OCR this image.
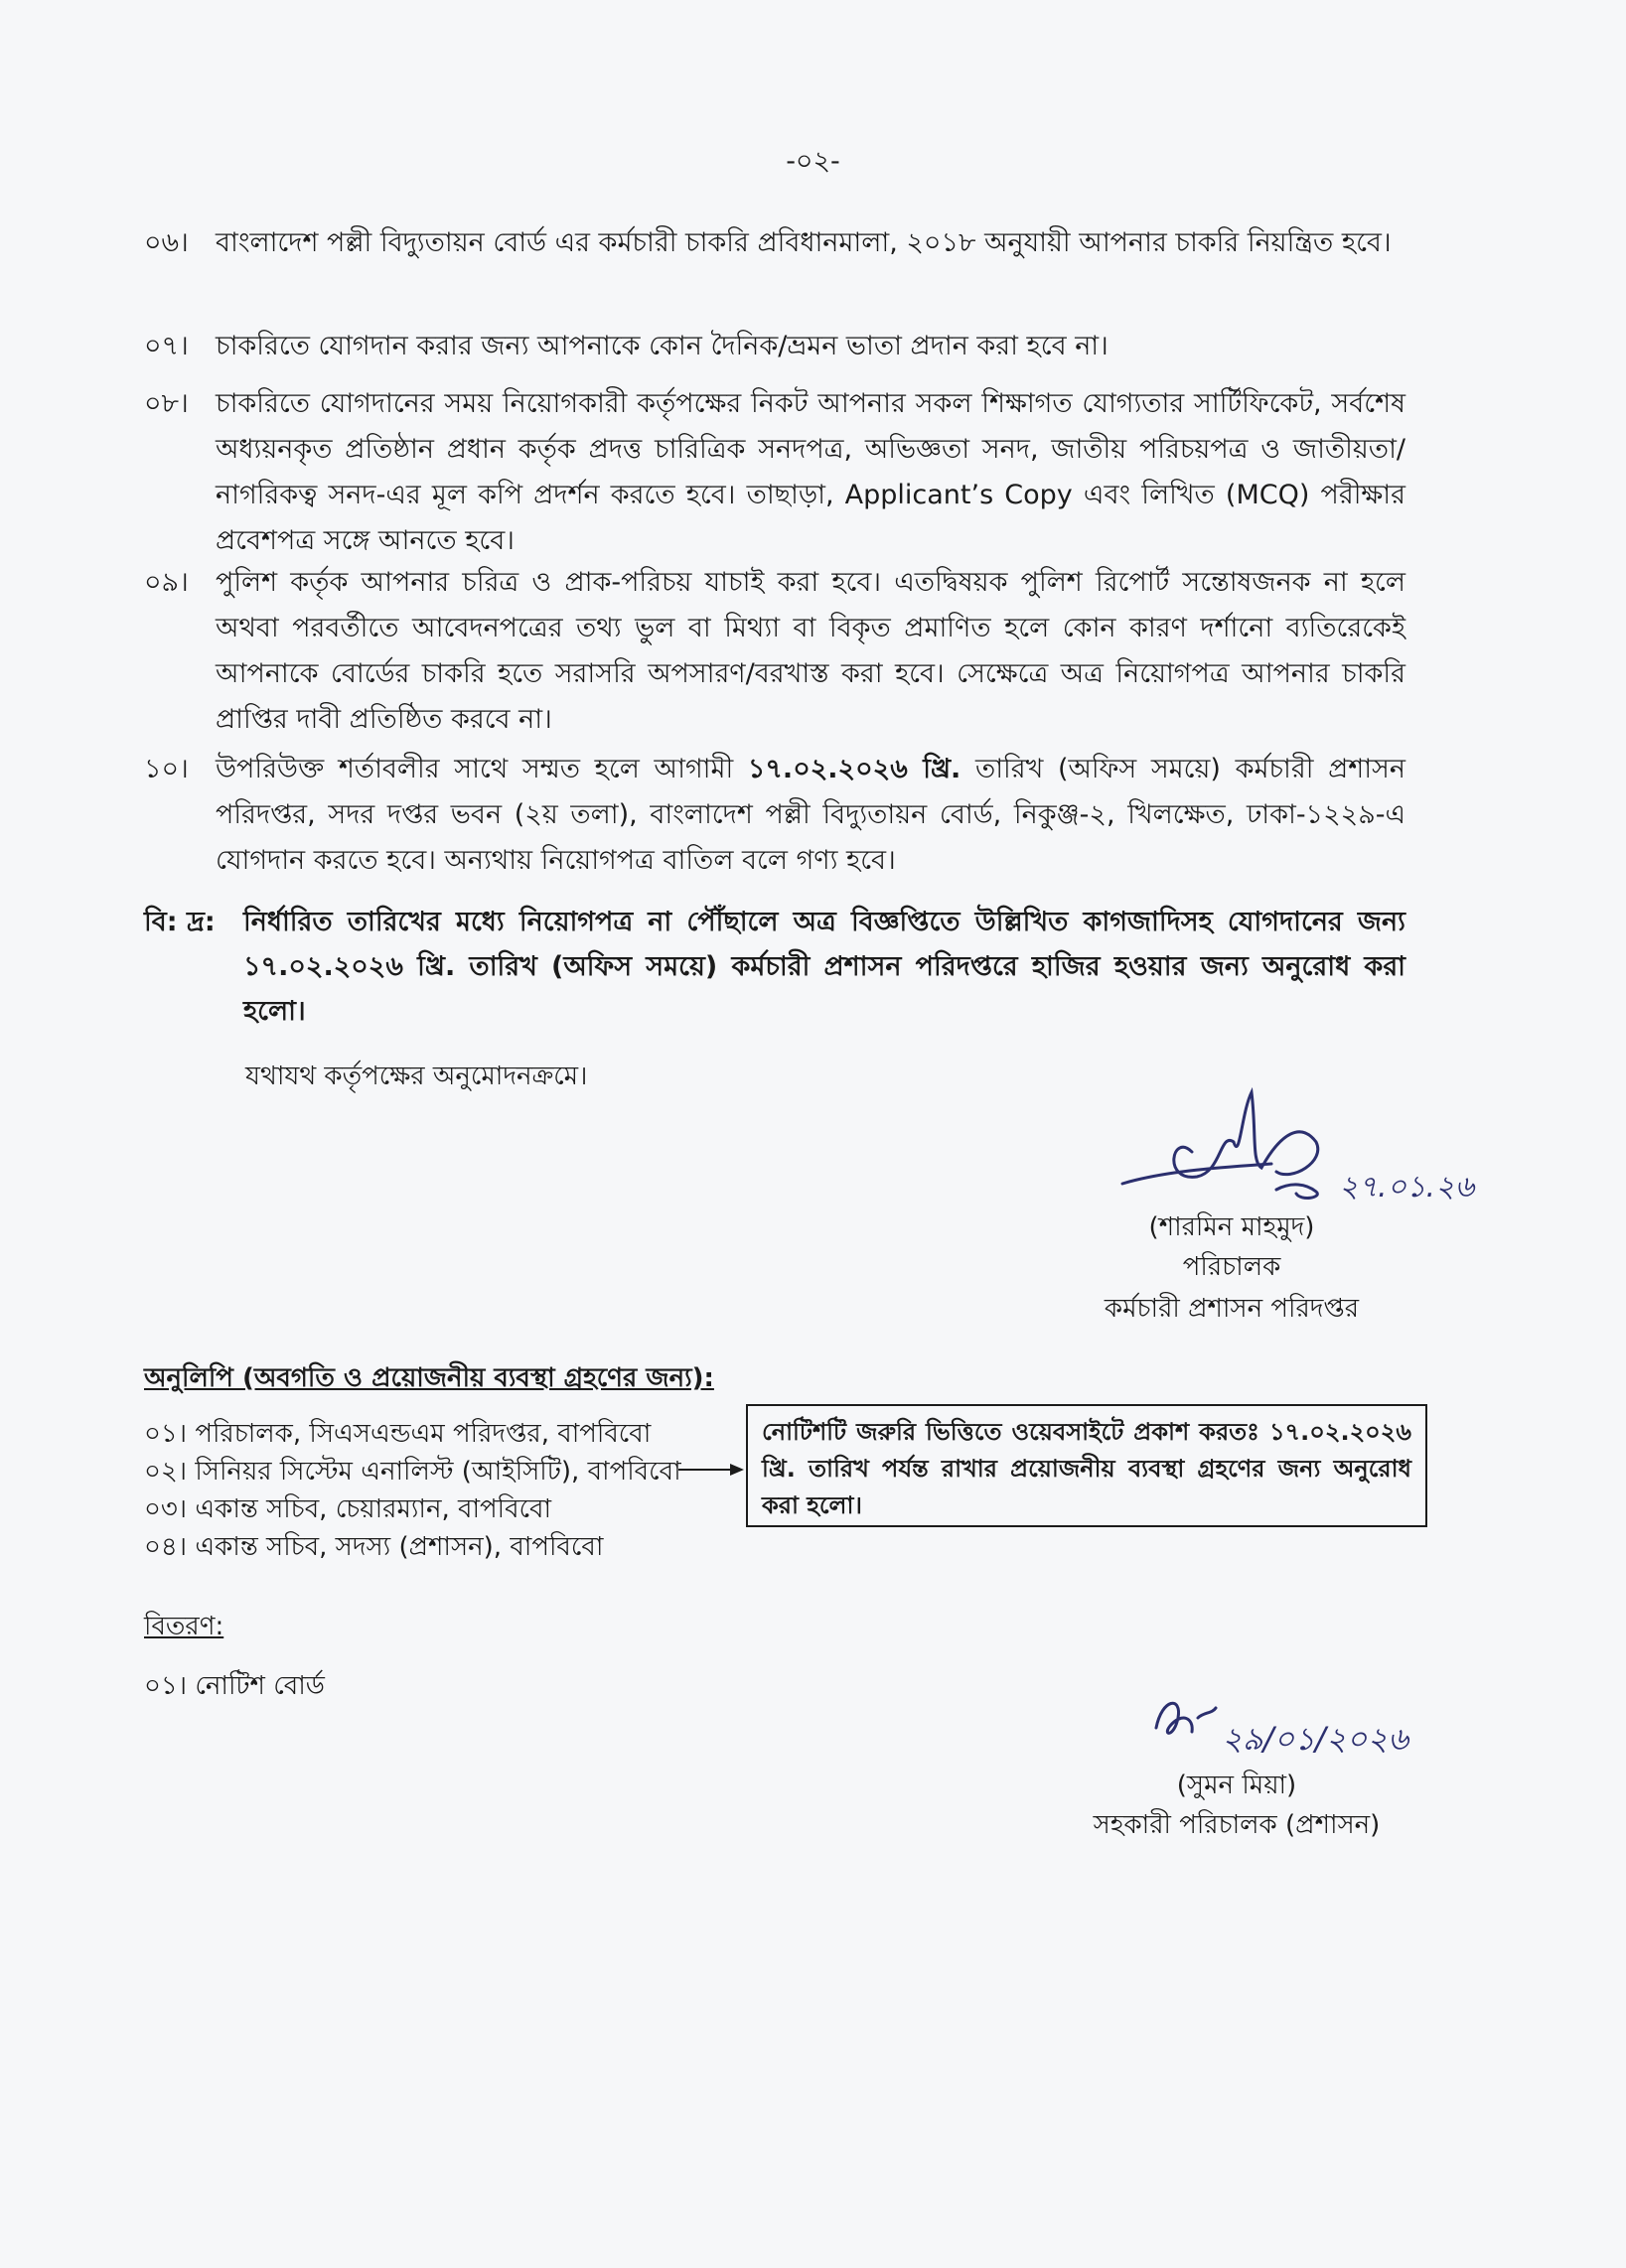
-০২-
০৬।	বাংলাদেশ পল্লী বিদ্যুতায়ন বোর্ড এর কর্মচারী চাকরি প্রবিধানমালা, ২০১৮ অনুযায়ী আপনার চাকরি নিয়ন্ত্রিত হবে।
০৭।	চাকরিতে যোগদান করার জন্য আপনাকে কোন দৈনিক/ভ্রমন ভাতা প্রদান করা হবে না।
০৮।	চাকরিতে যোগদানের সময় নিয়োগকারী কর্তৃপক্ষের নিকট আপনার সকল শিক্ষাগত যোগ্যতার সার্টিফিকেট, সর্বশেষ অধ্যয়নকৃত প্রতিষ্ঠান প্রধান কর্তৃক প্রদত্ত চারিত্রিক সনদপত্র, অভিজ্ঞতা সনদ, জাতীয় পরিচয়পত্র ও জাতীয়তা/নাগরিকত্ব সনদ-এর মূল কপি প্রদর্শন করতে হবে। তাছাড়া, Applicant’s Copy এবং লিখিত (MCQ) পরীক্ষার প্রবেশপত্র সঙ্গে আনতে হবে।
০৯।	পুলিশ কর্তৃক আপনার চরিত্র ও প্রাক-পরিচয় যাচাই করা হবে। এতদ্বিষয়ক পুলিশ রিপোর্ট সন্তোষজনক না হলে অথবা পরবর্তীতে আবেদনপত্রের তথ্য ভুল বা মিথ্যা বা বিকৃত প্রমাণিত হলে কোন কারণ দর্শানো ব্যতিরেকেই আপনাকে বোর্ডের চাকরি হতে সরাসরি অপসারণ/বরখাস্ত করা হবে। সেক্ষেত্রে অত্র নিয়োগপত্র আপনার চাকরি প্রাপ্তির দাবী প্রতিষ্ঠিত করবে না।
১০।	উপরিউক্ত শর্তাবলীর সাথে সম্মত হলে আগামী ১৭.০২.২০২৬ খ্রি. তারিখ (অফিস সময়ে) কর্মচারী প্রশাসন পরিদপ্তর, সদর দপ্তর ভবন (২য় তলা), বাংলাদেশ পল্লী বিদ্যুতায়ন বোর্ড, নিকুঞ্জ-২, খিলক্ষেত, ঢাকা-১২২৯-এ যোগদান করতে হবে। অন্যথায় নিয়োগপত্র বাতিল বলে গণ্য হবে।
বি: দ্র: নির্ধারিত তারিখের মধ্যে নিয়োগপত্র না পৌঁছালে অত্র বিজ্ঞপ্তিতে উল্লিখিত কাগজাদিসহ যোগদানের জন্য ১৭.০২.২০২৬ খ্রি. তারিখ (অফিস সময়ে) কর্মচারী প্রশাসন পরিদপ্তরে হাজির হওয়ার জন্য অনুরোধ করা হলো।
যথাযথ কর্তৃপক্ষের অনুমোদনক্রমে।
২৭.০১.২৬
(শারমিন মাহমুদ)
পরিচালক
কর্মচারী প্রশাসন পরিদপ্তর
অনুলিপি (অবগতি ও প্রয়োজনীয় ব্যবস্থা গ্রহণের জন্য):
০১। পরিচালক, সিএসএন্ডএম পরিদপ্তর, বাপবিবো
০২। সিনিয়র সিস্টেম এনালিস্ট (আইসিটি), বাপবিবো
০৩। একান্ত সচিব, চেয়ারম্যান, বাপবিবো
০৪। একান্ত সচিব, সদস্য (প্রশাসন), বাপবিবো
নোটিশটি জরুরি ভিত্তিতে ওয়েবসাইটে প্রকাশ করতঃ ১৭.০২.২০২৬ খ্রি. তারিখ পর্যন্ত রাখার প্রয়োজনীয় ব্যবস্থা গ্রহণের জন্য অনুরোধ করা হলো।
বিতরণ:
০১। নোটিশ বোর্ড
২৯/০১/২০২৬
(সুমন মিয়া)
সহকারী পরিচালক (প্রশাসন)
